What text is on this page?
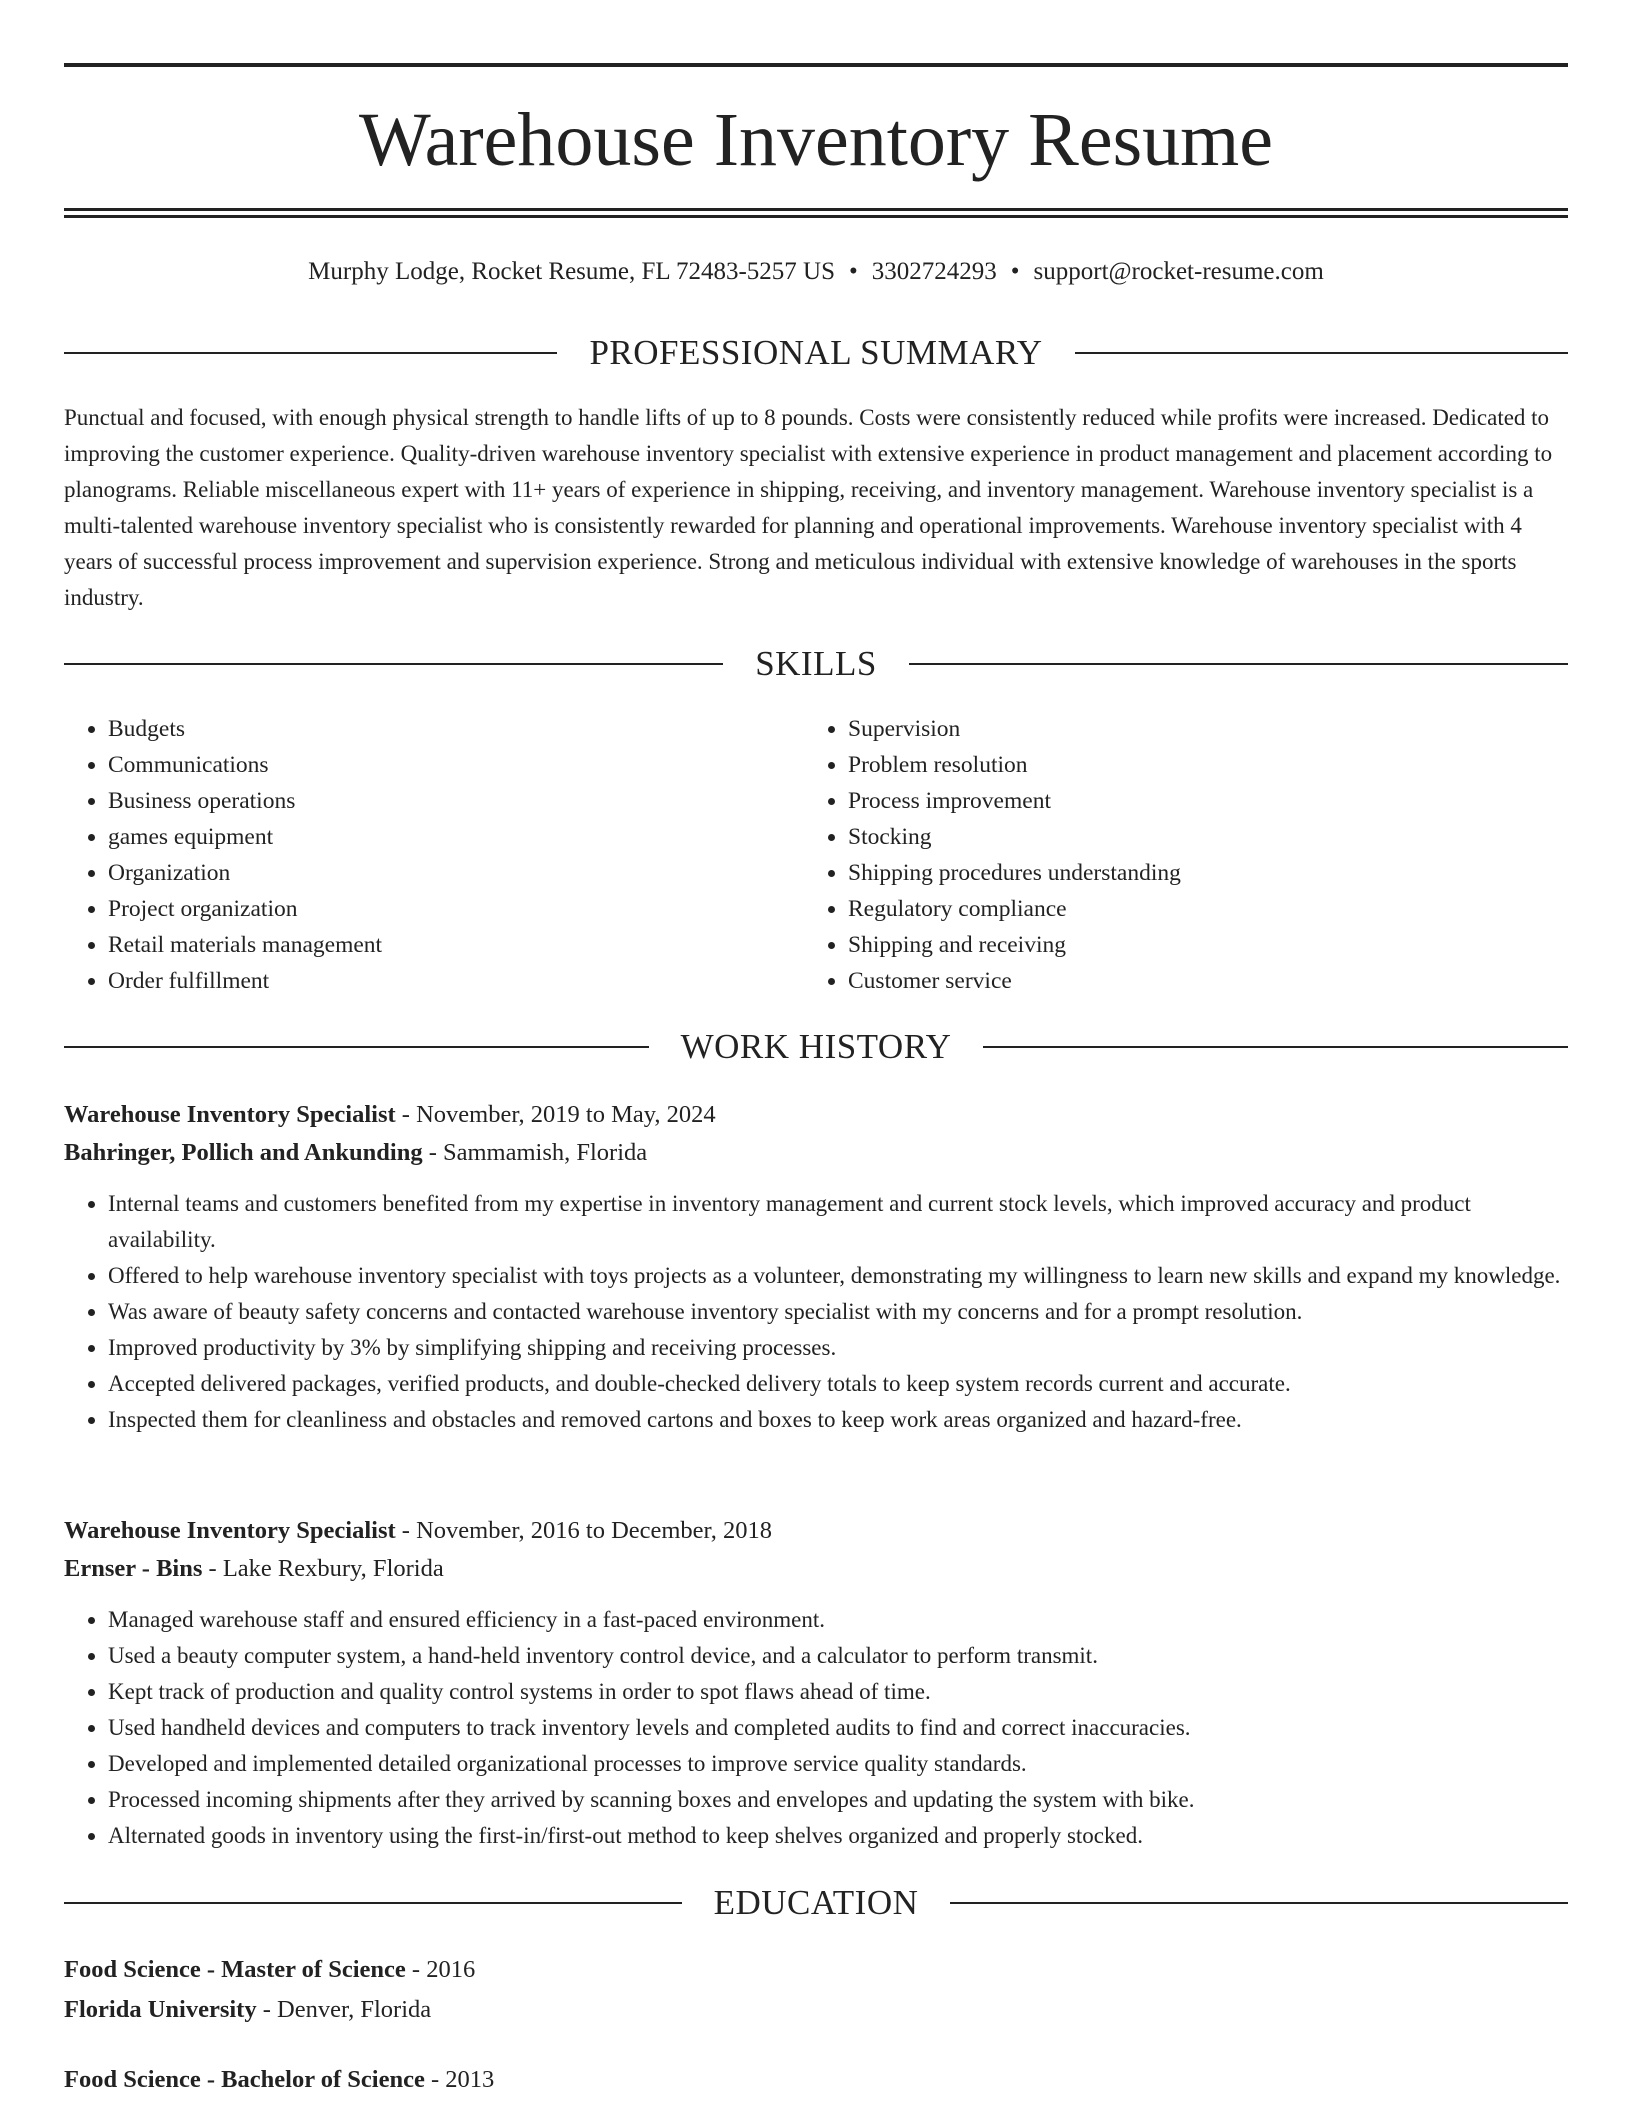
Warehouse Inventory Resume
Murphy Lodge, Rocket Resume, FL 72483-5257 US • 3302724293 • support@rocket-resume.com
PROFESSIONAL SUMMARY

Punctual and focused, with enough physical strength to handle lifts of up to 8 pounds. Costs were consistently reduced while profits were increased. Dedicated to improving the customer experience. Quality-driven warehouse inventory specialist with extensive experience in product management and placement according to planograms. Reliable miscellaneous expert with 11+ years of experience in shipping, receiving, and inventory management. Warehouse inventory specialist is a multi-talented warehouse inventory specialist who is consistently rewarded for planning and operational improvements. Warehouse inventory specialist with 4 years of successful process improvement and supervision experience. Strong and meticulous individual with extensive knowledge of warehouses in the sports industry.

SKILLS
• Budgets
• Communications
• Business operations
• games equipment
• Organization
• Project organization
• Retail materials management
• Order fulfillment
• Supervision
• Problem resolution
• Process improvement
• Stocking
• Shipping procedures understanding
• Regulatory compliance
• Shipping and receiving
• Customer service
WORK HISTORY
Warehouse Inventory Specialist - November, 2019 to May, 2024
Bahringer, Pollich and Ankunding - Sammamish, Florida
• Internal teams and customers benefited from my expertise in inventory management and current stock levels, which improved accuracy and product availability.
• Offered to help warehouse inventory specialist with toys projects as a volunteer, demonstrating my willingness to learn new skills and expand my knowledge.
• Was aware of beauty safety concerns and contacted warehouse inventory specialist with my concerns and for a prompt resolution.
• Improved productivity by 3% by simplifying shipping and receiving processes.
• Accepted delivered packages, verified products, and double-checked delivery totals to keep system records current and accurate.
• Inspected them for cleanliness and obstacles and removed cartons and boxes to keep work areas organized and hazard-free.
Warehouse Inventory Specialist - November, 2016 to December, 2018
Ernser - Bins - Lake Rexbury, Florida
• Managed warehouse staff and ensured efficiency in a fast-paced environment.
• Used a beauty computer system, a hand-held inventory control device, and a calculator to perform transmit.
• Kept track of production and quality control systems in order to spot flaws ahead of time.
• Used handheld devices and computers to track inventory levels and completed audits to find and correct inaccuracies.
• Developed and implemented detailed organizational processes to improve service quality standards.
• Processed incoming shipments after they arrived by scanning boxes and envelopes and updating the system with bike.
• Alternated goods in inventory using the first-in/first-out method to keep shelves organized and properly stocked.
EDUCATION
Food Science - Master of Science - 2016
Florida University - Denver, Florida
Food Science - Bachelor of Science - 2013
